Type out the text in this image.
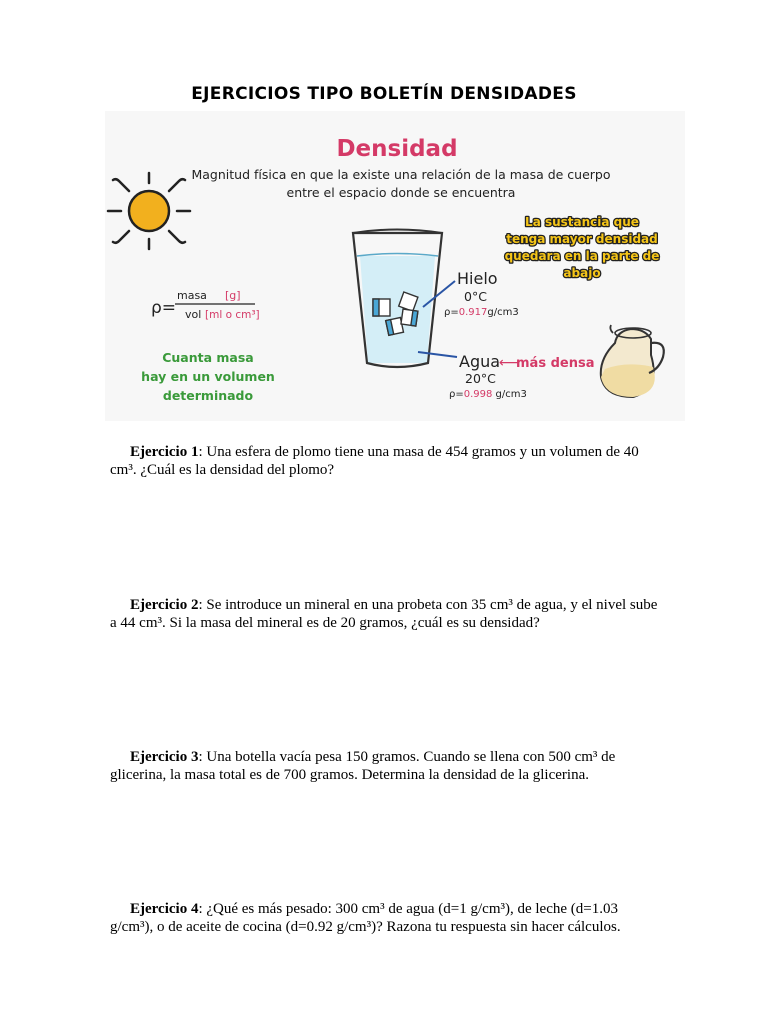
EJERCICIOS TIPO BOLETÍN DENSIDADES
Densidad
Magnitud física en que la existe una relación de la masa de cuerpo
entre el espacio donde se encuentra
ρ=
masa [g]
vol [ml o cm³]
Cuanta masa
hay en un volumen
determinado
Hielo
0°C
ρ=0.917g/cm3
Agua
⟵
más densa
20°C
ρ=0.998 g/cm3
La sustancia que
tenga mayor densidad
quedara en la parte de
abajo
Ejercicio 1: Una esfera de plomo tiene una masa de 454 gramos y un volumen de 40 cm³. ¿Cuál es la densidad del plomo?
Ejercicio 2: Se introduce un mineral en una probeta con 35 cm³ de agua, y el nivel sube a 44 cm³. Si la masa del mineral es de 20 gramos, ¿cuál es su densidad?
Ejercicio 3: Una botella vacía pesa 150 gramos. Cuando se llena con 500 cm³ de glicerina, la masa total es de 700 gramos. Determina la densidad de la glicerina.
Ejercicio 4: ¿Qué es más pesado: 300 cm³ de agua (d=1 g/cm³), de leche (d=1.03 g/cm³), o de aceite de cocina (d=0.92 g/cm³)? Razona tu respuesta sin hacer cálculos.
